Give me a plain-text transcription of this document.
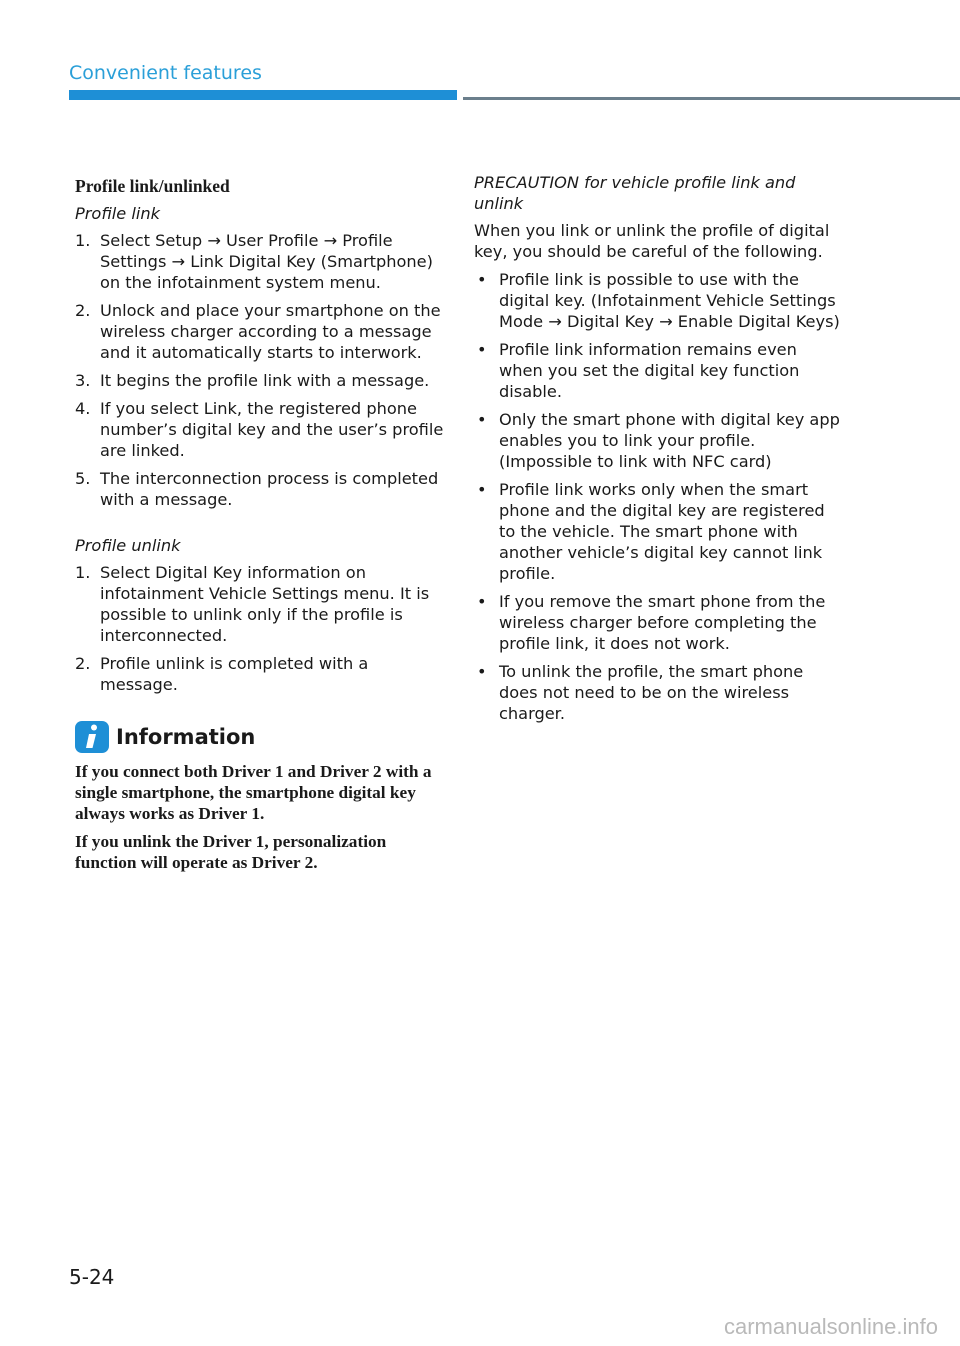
Convenient features
Profile link/unlinked
Profile link
1. Select Setup → User Profile → Profile Settings → Link Digital Key (Smartphone) on the infotainment system menu.
2. Unlock and place your smartphone on the wireless charger according to a message and it automatically starts to interwork.
3. It begins the profile link with a message.
4. If you select Link, the registered phone number’s digital key and the user’s profile are linked.
5. The interconnection process is completed with a message.
Profile unlink
1. Select Digital Key information on infotainment Vehicle Settings menu. It is possible to unlink only if the profile is interconnected.
2. Profile unlink is completed with a message.
Information

If you connect both Driver 1 and Driver 2 with a single smartphone, the smartphone digital key always works as Driver 1.

If you unlink the Driver 1, personalization function will operate as Driver 2.

PRECAUTION for vehicle profile link and unlink

When you link or unlink the profile of digital key, you should be careful of the following.

• Profile link is possible to use with the digital key. (Infotainment Vehicle Settings Mode → Digital Key → Enable Digital Keys)
• Profile link information remains even when you set the digital key function disable.
• Only the smart phone with digital key app enables you to link your profile. (Impossible to link with NFC card)
• Profile link works only when the smart phone and the digital key are registered to the vehicle. The smart phone with another vehicle’s digital key cannot link profile.
• If you remove the smart phone from the wireless charger before completing the profile link, it does not work.
• To unlink the profile, the smart phone does not need to be on the wireless charger.
5-24
carmanualsonline.info
